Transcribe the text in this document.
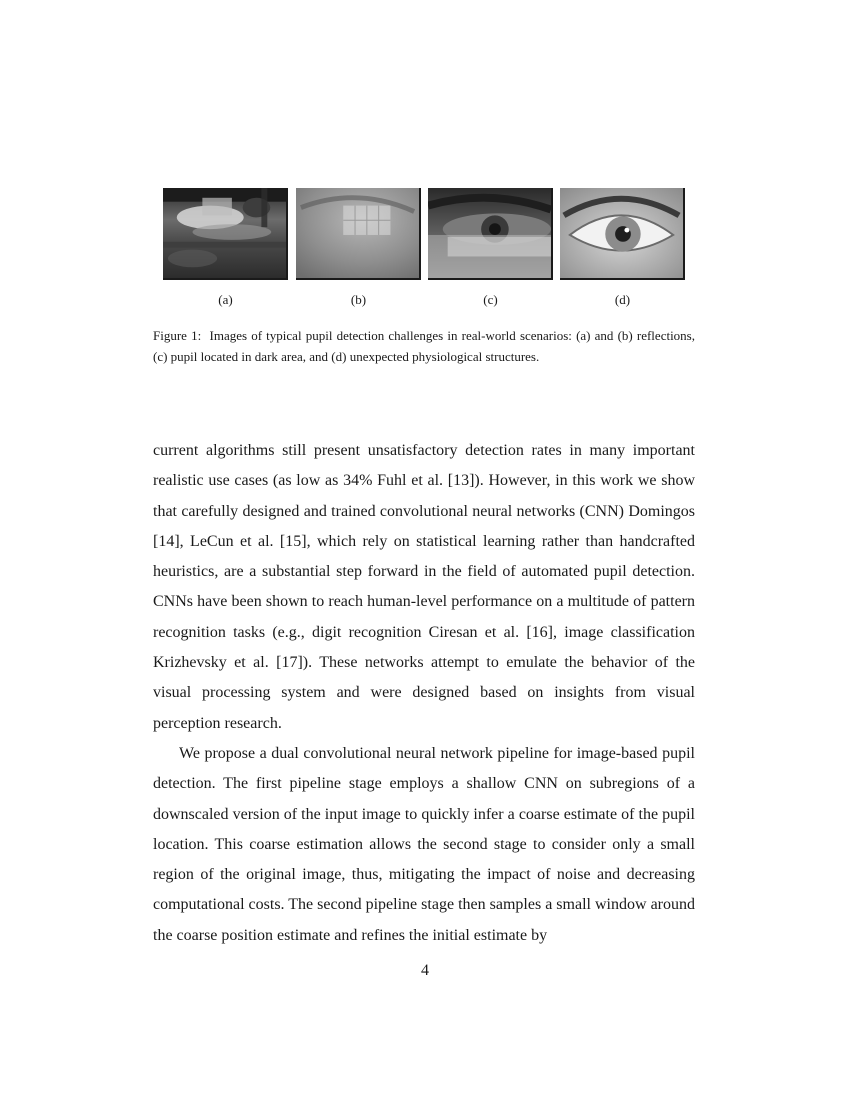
(a)	(b)	(c)	(d)

Figure 1:  Images of typical pupil detection challenges in real-world scenarios: (a) and (b) reflections, (c) pupil located in dark area, and (d) unexpected physiological structures.

current algorithms still present unsatisfactory detection rates in many important realistic use cases (as low as 34% Fuhl et al. [13]). However, in this work we show that carefully designed and trained convolutional neural networks (CNN) Domingos [14], LeCun et al. [15], which rely on statistical learning rather than handcrafted heuristics, are a substantial step forward in the field of automated pupil detection. CNNs have been shown to reach human-level performance on a multitude of pattern recognition tasks (e.g., digit recognition Ciresan et al. [16], image classification Krizhevsky et al. [17]). These networks attempt to emulate the behavior of the visual processing system and were designed based on insights from visual perception research.

We propose a dual convolutional neural network pipeline for image-based pupil detection. The first pipeline stage employs a shallow CNN on subregions of a downscaled version of the input image to quickly infer a coarse estimate of the pupil location. This coarse estimation allows the second stage to consider only a small region of the original image, thus, mitigating the impact of noise and decreasing computational costs. The second pipeline stage then samples a small window around the coarse position estimate and refines the initial estimate by

4
